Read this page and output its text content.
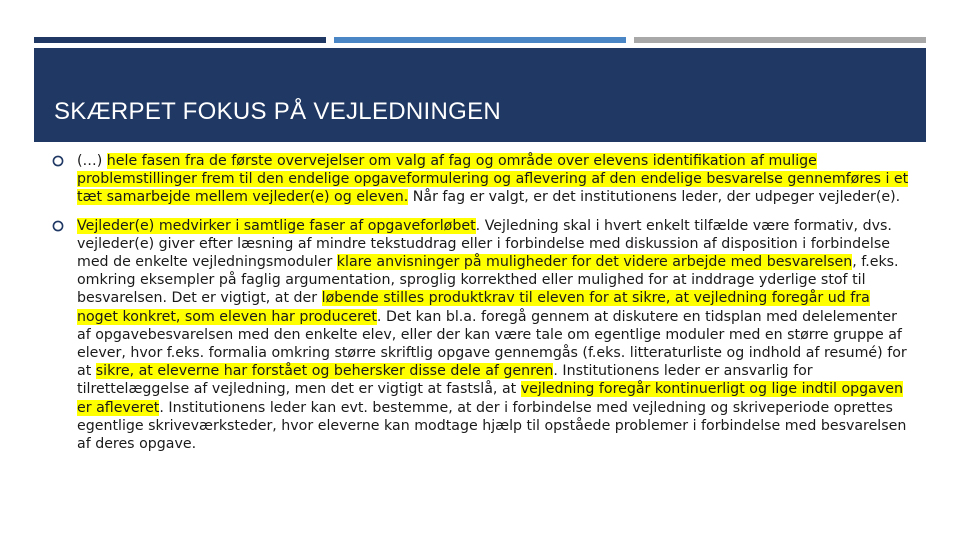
SKÆRPET FOKUS PÅ VEJLEDNINGEN
(…) hele fasen fra de første overvejelser om valg af fag og område over elevens identifikation af mulige problemstillinger frem til den endelige opgaveformulering og aflevering af den endelige besvarelse gennemføres i et tæt samarbejde mellem vejleder(e) og eleven. Når fag er valgt, er det institutionens leder, der udpeger vejleder(e).
Vejleder(e) medvirker i samtlige faser af opgaveforløbet. Vejledning skal i hvert enkelt tilfælde være formativ, dvs. vejleder(e) giver efter læsning af mindre tekstuddrag eller i forbindelse med diskussion af disposition i forbindelse med de enkelte vejledningsmoduler klare anvisninger på muligheder for det videre arbejde med besvarelsen, f.eks. omkring eksempler på faglig argumentation, sproglig korrekthed eller mulighed for at inddrage yderlige stof til besvarelsen. Det er vigtigt, at der løbende stilles produktkrav til eleven for at sikre, at vejledning foregår ud fra noget konkret, som eleven har produceret. Det kan bl.a. foregå gennem at diskutere en tidsplan med delelementer af opgavebesvarelsen med den enkelte elev, eller der kan være tale om egentlige moduler med en større gruppe af elever, hvor f.eks. formalia omkring større skriftlig opgave gennemgås (f.eks. litteraturliste og indhold af resumé) for at sikre, at eleverne har forstået og behersker disse dele af genren. Institutionens leder er ansvarlig for tilrettelæggelse af vejledning, men det er vigtigt at fastslå, at vejledning foregår kontinuerligt og lige indtil opgaven er afleveret. Institutionens leder kan evt. bestemme, at der i forbindelse med vejledning og skriveperiode oprettes egentlige skriveværksteder, hvor eleverne kan modtage hjælp til opståede problemer i forbindelse med besvarelsen af deres opgave.
